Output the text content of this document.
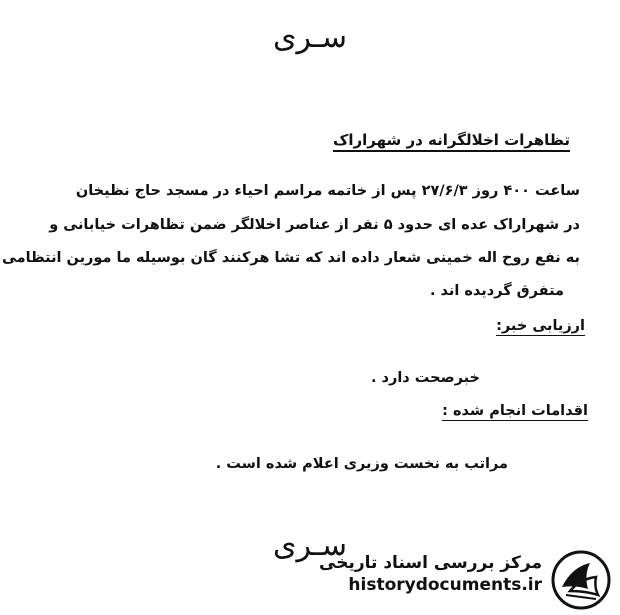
سـری
تظاهرات اخلالگرانه در شهراراک
ساعت ۴۰۰ روز ۲۷/۶/۳ پس از خاتمه مراسم احیاء در مسجد حاج نظیخان
در شهراراک عده ای حدود ۵ نفر از عناصر اخلالگر ضمن تظاهرات خیابانی و
به نفع روح اله خمینی شعار داده اند که تشا هرکنند گان بوسیله ما مورین انتظامی
متفرق گردیده اند .
ارزیابی خبر:
خبرصحت دارد .
اقدامات انجام شده :
مراتب به نخست وزیری اعلام شده است .
سـری
مرکز بررسی اسناد تاریخی
historydocuments.ir
